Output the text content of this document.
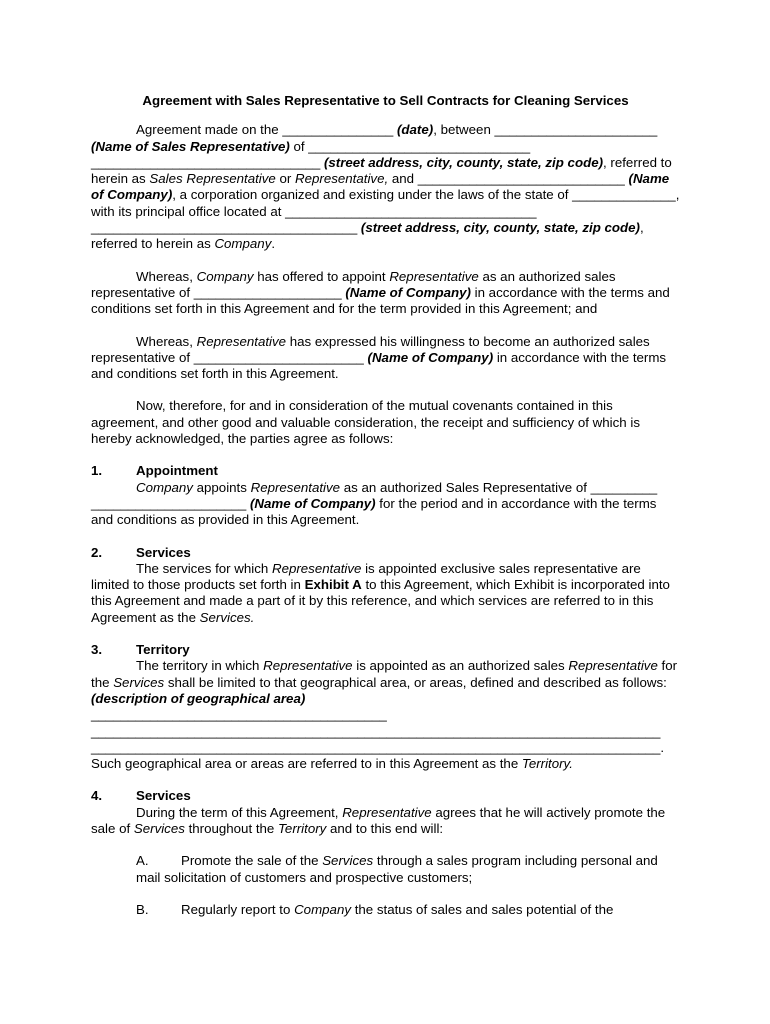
Agreement with Sales Representative to Sell Contracts for Cleaning Services

Agreement made on the _______________ (date), between ______________________ (Name of Sales Representative) of ______________________________ _______________________________ (street address, city, county, state, zip code), referred to herein as Sales Representative or Representative, and ____________________________ (Name of Company), a corporation organized and existing under the laws of the state of ______________, with its principal office located at __________________________________ ____________________________________ (street address, city, county, state, zip code), referred to herein as Company.

Whereas, Company has offered to appoint Representative as an authorized sales representative of ____________________ (Name of Company) in accordance with the terms and conditions set forth in this Agreement and for the term provided in this Agreement; and

Whereas, Representative has expressed his willingness to become an authorized sales representative of _______________________ (Name of Company) in accordance with the terms and conditions set forth in this Agreement.

Now, therefore, for and in consideration of the mutual covenants contained in this agreement, and other good and valuable consideration, the receipt and sufficiency of which is hereby acknowledged, the parties agree as follows:

1.	Appointment
Company appoints Representative as an authorized Sales Representative of _________ _____________________ (Name of Company) for the period and in accordance with the terms and conditions as provided in this Agreement.
2.	Services
The services for which Representative is appointed exclusive sales representative are limited to those products set forth in Exhibit A to this Agreement, which Exhibit is incorporated into this Agreement and made a part of it by this reference, and which services are referred to in this Agreement as the Services.
3.	Territory
The territory in which Representative is appointed as an authorized sales Representative for the Services shall be limited to that geographical area, or areas, defined and described as follows: (description of geographical area)
________________________________________
_____________________________________________________________________________
_____________________________________________________________________________.
Such geographical area or areas are referred to in this Agreement as the Territory.
4.	Services
During the term of this Agreement, Representative agrees that he will actively promote the sale of Services throughout the Territory and to this end will:
A. Promote the sale of the Services through a sales program including personal and mail solicitation of customers and prospective customers;
B. Regularly report to Company the status of sales and sales potential of the
